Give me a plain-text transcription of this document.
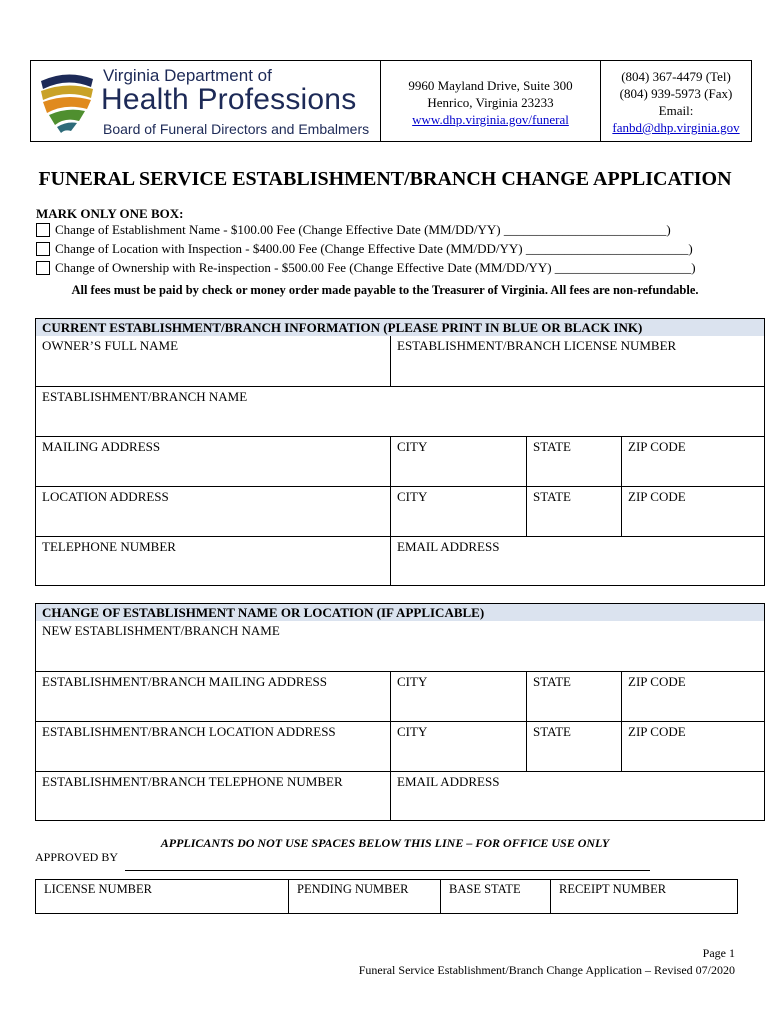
Virginia Department of
Health Professions
Board of Funeral Directors and Embalmers
9960 Mayland Drive, Suite 300
Henrico, Virginia 23233
www.dhp.virginia.gov/funeral
(804) 367-4479 (Tel)
(804) 939-5973 (Fax)
Email:
fanbd@dhp.virginia.gov
FUNERAL SERVICE ESTABLISHMENT/BRANCH CHANGE APPLICATION
MARK ONLY ONE BOX:
Change of Establishment Name - $100.00 Fee (Change Effective Date (MM/DD/YY) _________________________)
Change of Location with Inspection - $400.00 Fee (Change Effective Date (MM/DD/YY) _________________________)
Change of Ownership with Re-inspection - $500.00 Fee (Change Effective Date (MM/DD/YY) _____________________)
All fees must be paid by check or money order made payable to the Treasurer of Virginia. All fees are non-refundable.
CURRENT ESTABLISHMENT/BRANCH INFORMATION (PLEASE PRINT IN BLUE OR BLACK INK)
OWNER’S FULL NAME	ESTABLISHMENT/BRANCH LICENSE NUMBER
ESTABLISHMENT/BRANCH NAME
MAILING ADDRESS	CITY	STATE	ZIP CODE
LOCATION ADDRESS	CITY	STATE	ZIP CODE
TELEPHONE NUMBER	EMAIL ADDRESS
CHANGE OF ESTABLISHMENT NAME OR LOCATION (IF APPLICABLE)
NEW ESTABLISHMENT/BRANCH NAME
ESTABLISHMENT/BRANCH MAILING ADDRESS	CITY	STATE	ZIP CODE
ESTABLISHMENT/BRANCH LOCATION ADDRESS	CITY	STATE	ZIP CODE
ESTABLISHMENT/BRANCH TELEPHONE NUMBER	EMAIL ADDRESS
APPLICANTS DO NOT USE SPACES BELOW THIS LINE – FOR OFFICE USE ONLY
APPROVED BY
LICENSE NUMBER	PENDING NUMBER	BASE STATE	RECEIPT NUMBER
Page 1
Funeral Service Establishment/Branch Change Application – Revised 07/2020
